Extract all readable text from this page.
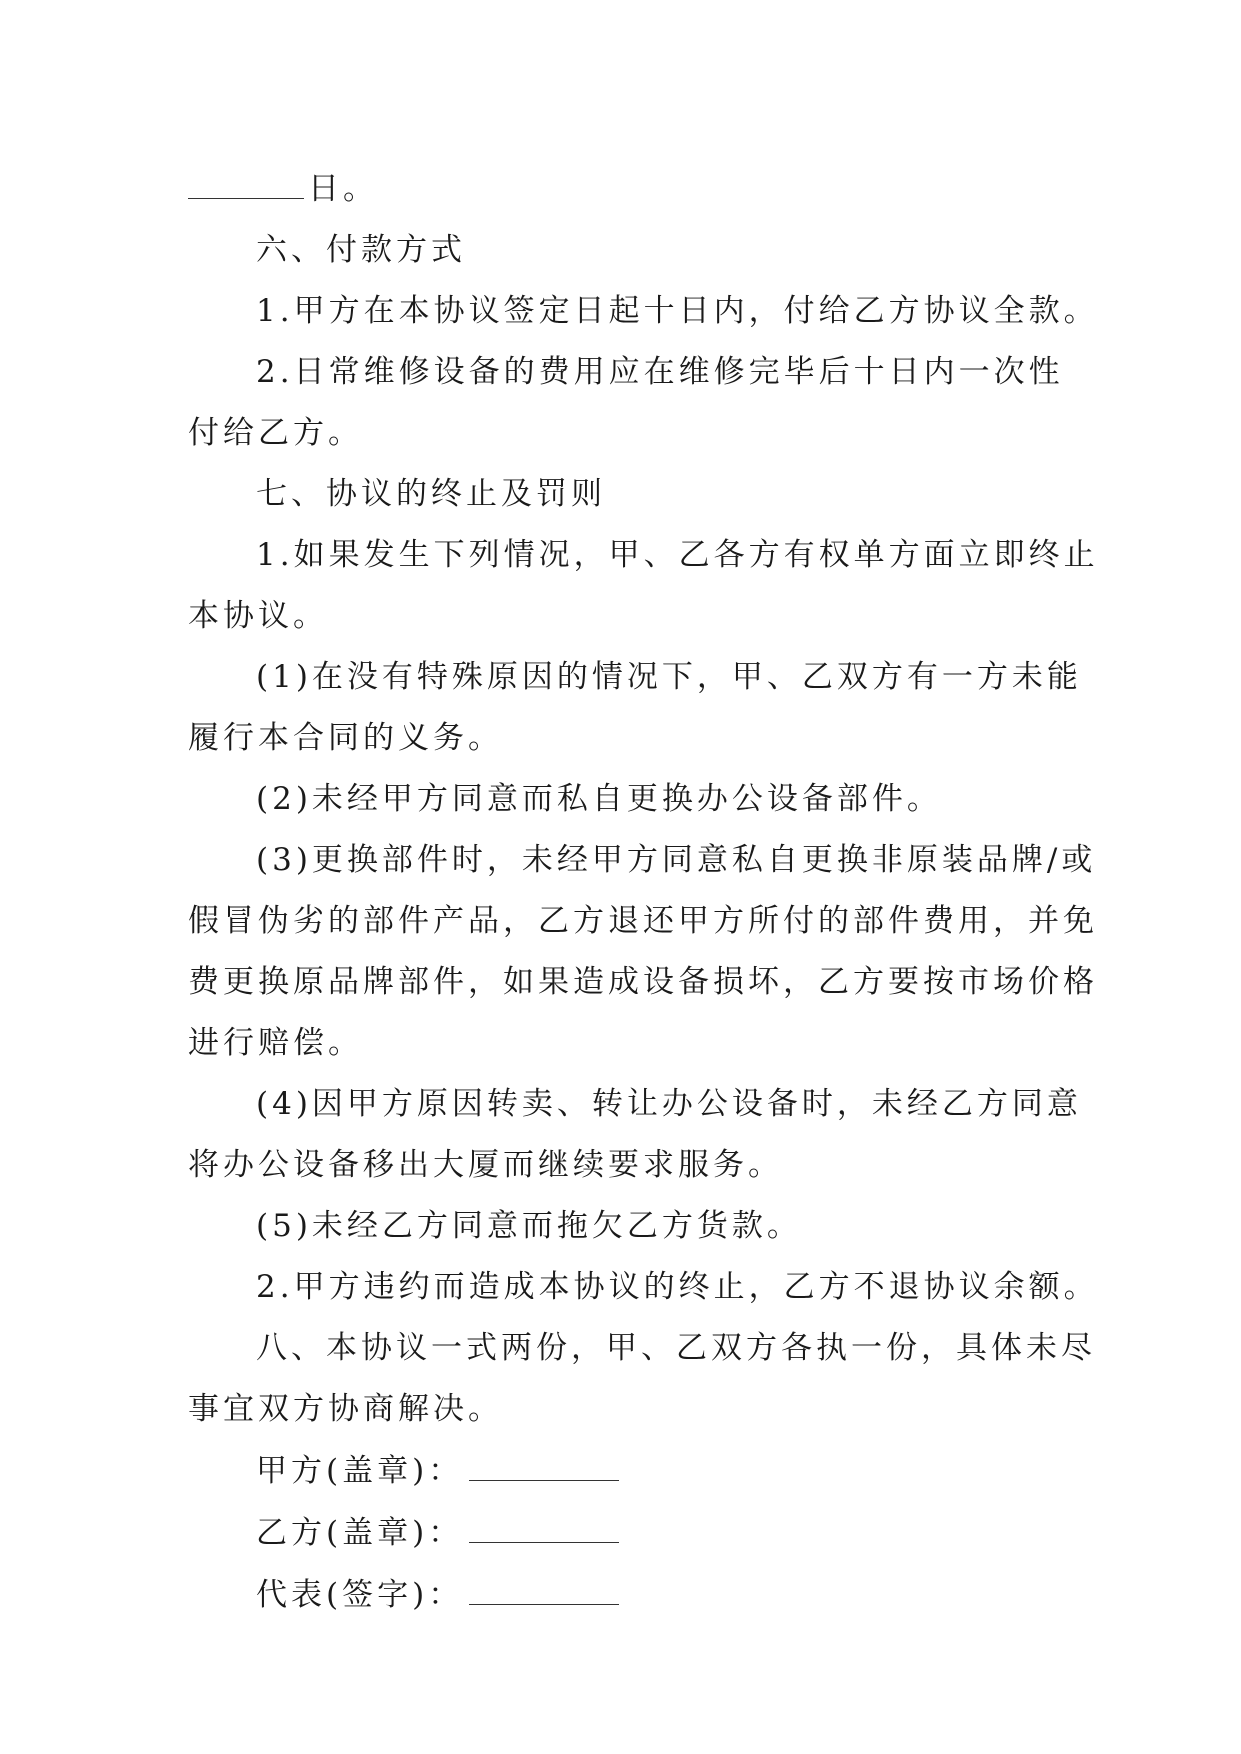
日。
六、付款方式
1.甲方在本协议签定日起十日内，付给乙方协议全款。
2.日常维修设备的费用应在维修完毕后十日内一次性
付给乙方。
七、协议的终止及罚则
1.如果发生下列情况，甲、乙各方有权单方面立即终止
本协议。
(1)在没有特殊原因的情况下，甲、乙双方有一方未能
履行本合同的义务。
(2)未经甲方同意而私自更换办公设备部件。
(3)更换部件时，未经甲方同意私自更换非原装品牌/或
假冒伪劣的部件产品，乙方退还甲方所付的部件费用，并免
费更换原品牌部件，如果造成设备损坏，乙方要按市场价格
进行赔偿。
(4)因甲方原因转卖、转让办公设备时，未经乙方同意
将办公设备移出大厦而继续要求服务。
(5)未经乙方同意而拖欠乙方货款。
2.甲方违约而造成本协议的终止，乙方不退协议余额。
八、本协议一式两份，甲、乙双方各执一份，具体未尽
事宜双方协商解决。
甲方(盖章)：
乙方(盖章)：
代表(签字)：
